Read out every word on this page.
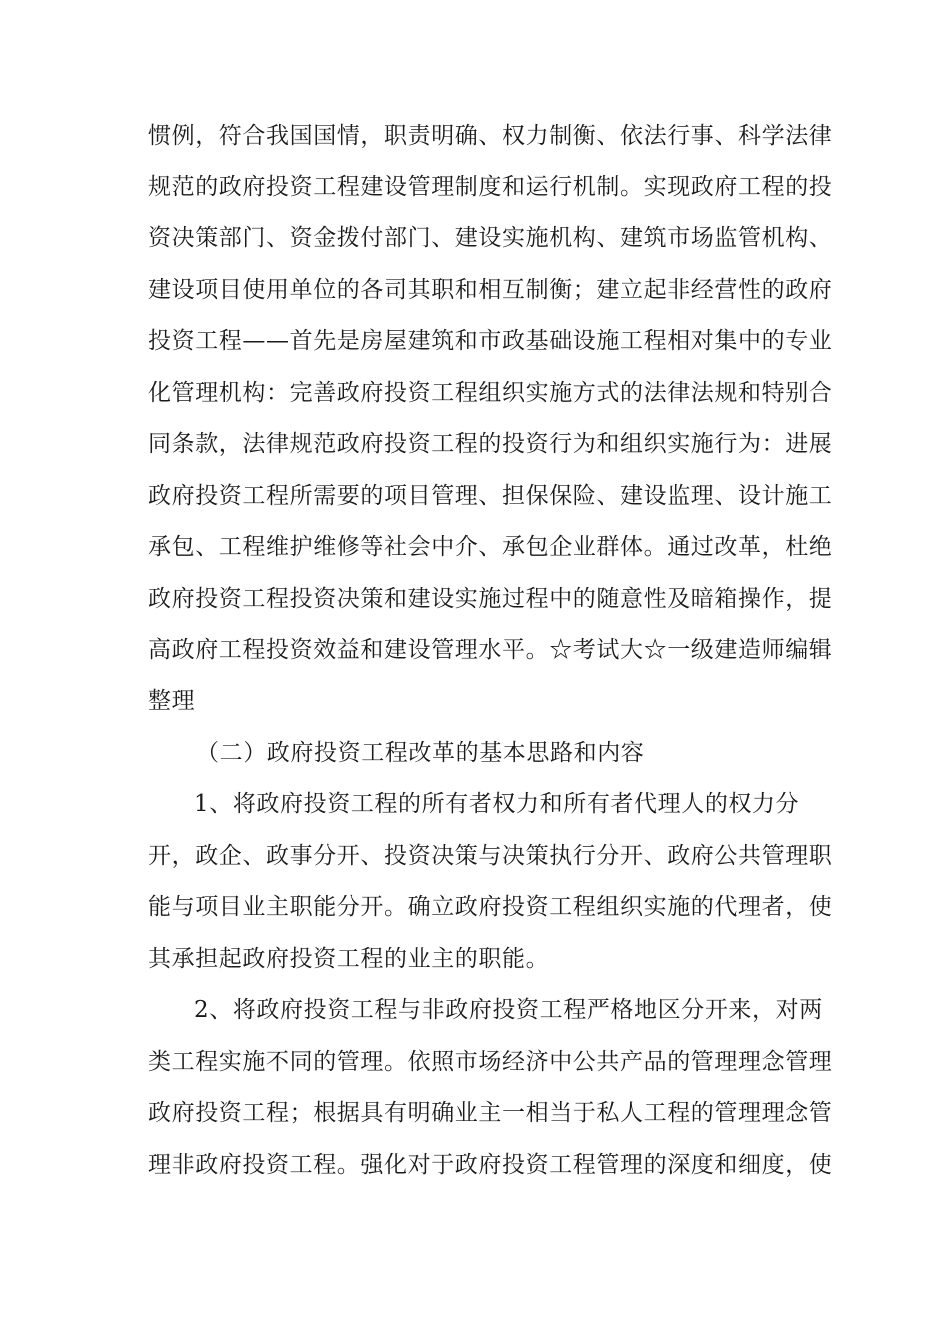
惯例，符合我国国情，职责明确、权力制衡、依法行事、科学法律
规范的政府投资工程建设管理制度和运行机制。实现政府工程的投
资决策部门、资金拨付部门、建设实施机构、建筑市场监管机构、
建设项目使用单位的各司其职和相互制衡；建立起非经营性的政府
投资工程——首先是房屋建筑和市政基础设施工程相对集中的专业
化管理机构：完善政府投资工程组织实施方式的法律法规和特别合
同条款，法律规范政府投资工程的投资行为和组织实施行为：进展
政府投资工程所需要的项目管理、担保保险、建设监理、设计施工
承包、工程维护维修等社会中介、承包企业群体。通过改革，杜绝
政府投资工程投资决策和建设实施过程中的随意性及暗箱操作，提
高政府工程投资效益和建设管理水平。☆考试大☆一级建造师编辑
整理
（二）政府投资工程改革的基本思路和内容
1、将政府投资工程的所有者权力和所有者代理人的权力分
开，政企、政事分开、投资决策与决策执行分开、政府公共管理职
能与项目业主职能分开。确立政府投资工程组织实施的代理者，使
其承担起政府投资工程的业主的职能。
2、将政府投资工程与非政府投资工程严格地区分开来，对两
类工程实施不同的管理。依照市场经济中公共产品的管理理念管理
政府投资工程；根据具有明确业主一相当于私人工程的管理理念管
理非政府投资工程。强化对于政府投资工程管理的深度和细度，使
